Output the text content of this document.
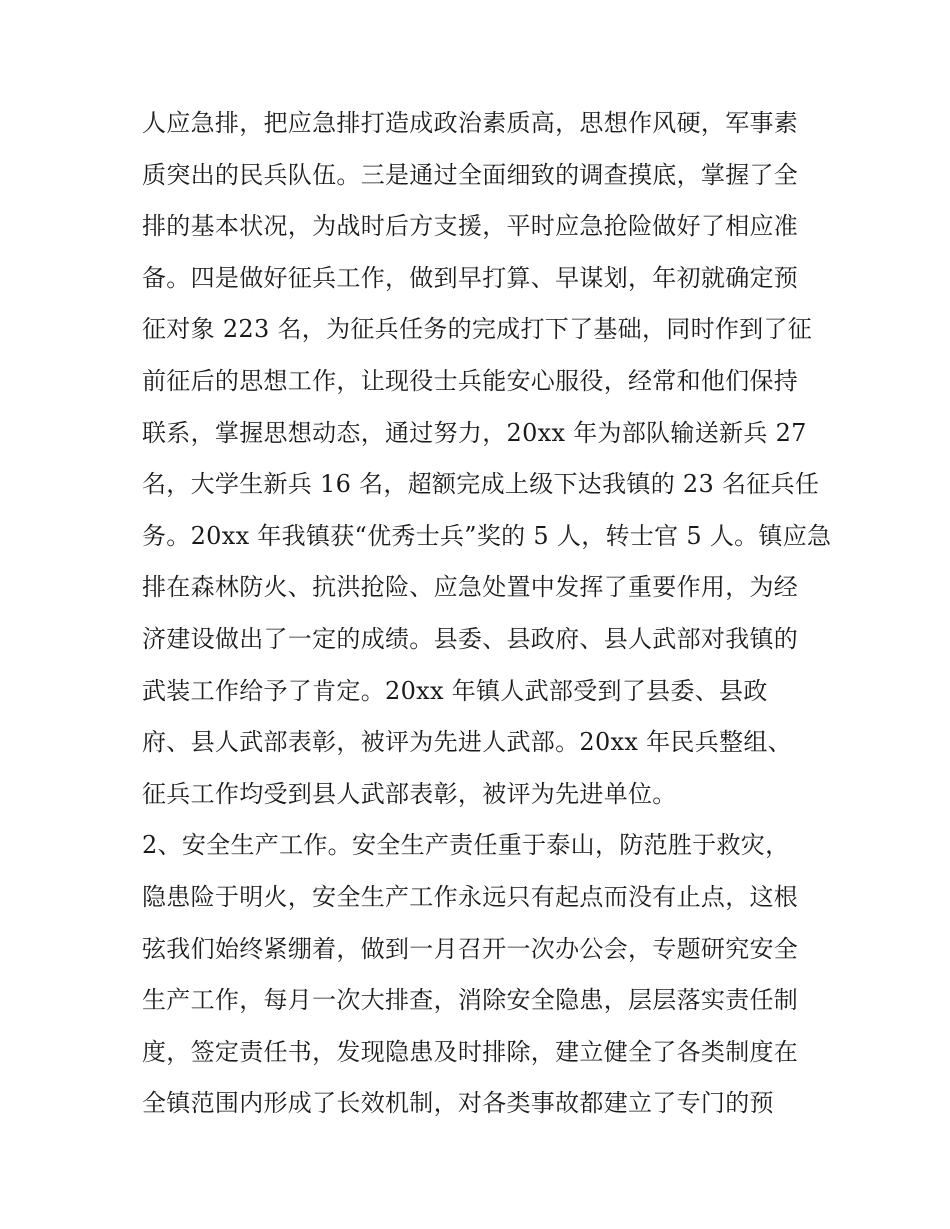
人应急排，把应急排打造成政治素质高，思想作风硬，军事素
质突出的民兵队伍。三是通过全面细致的调查摸底，掌握了全
排的基本状况，为战时后方支援，平时应急抢险做好了相应准
备。四是做好征兵工作，做到早打算、早谋划，年初就确定预
征对象 223 名，为征兵任务的完成打下了基础，同时作到了征
前征后的思想工作，让现役士兵能安心服役，经常和他们保持
联系，掌握思想动态，通过努力，20xx 年为部队输送新兵 27
名，大学生新兵 16 名，超额完成上级下达我镇的 23 名征兵任
务。20xx 年我镇获“优秀士兵”奖的 5 人，转士官 5 人。镇应急
排在森林防火、抗洪抢险、应急处置中发挥了重要作用，为经
济建设做出了一定的成绩。县委、县政府、县人武部对我镇的
武装工作给予了肯定。20xx 年镇人武部受到了县委、县政
府、县人武部表彰，被评为先进人武部。20xx 年民兵整组、
征兵工作均受到县人武部表彰，被评为先进单位。
2、安全生产工作。安全生产责任重于泰山，防范胜于救灾，
隐患险于明火，安全生产工作永远只有起点而没有止点，这根
弦我们始终紧绷着，做到一月召开一次办公会，专题研究安全
生产工作，每月一次大排查，消除安全隐患，层层落实责任制
度，签定责任书，发现隐患及时排除，建立健全了各类制度在
全镇范围内形成了长效机制，对各类事故都建立了专门的预
